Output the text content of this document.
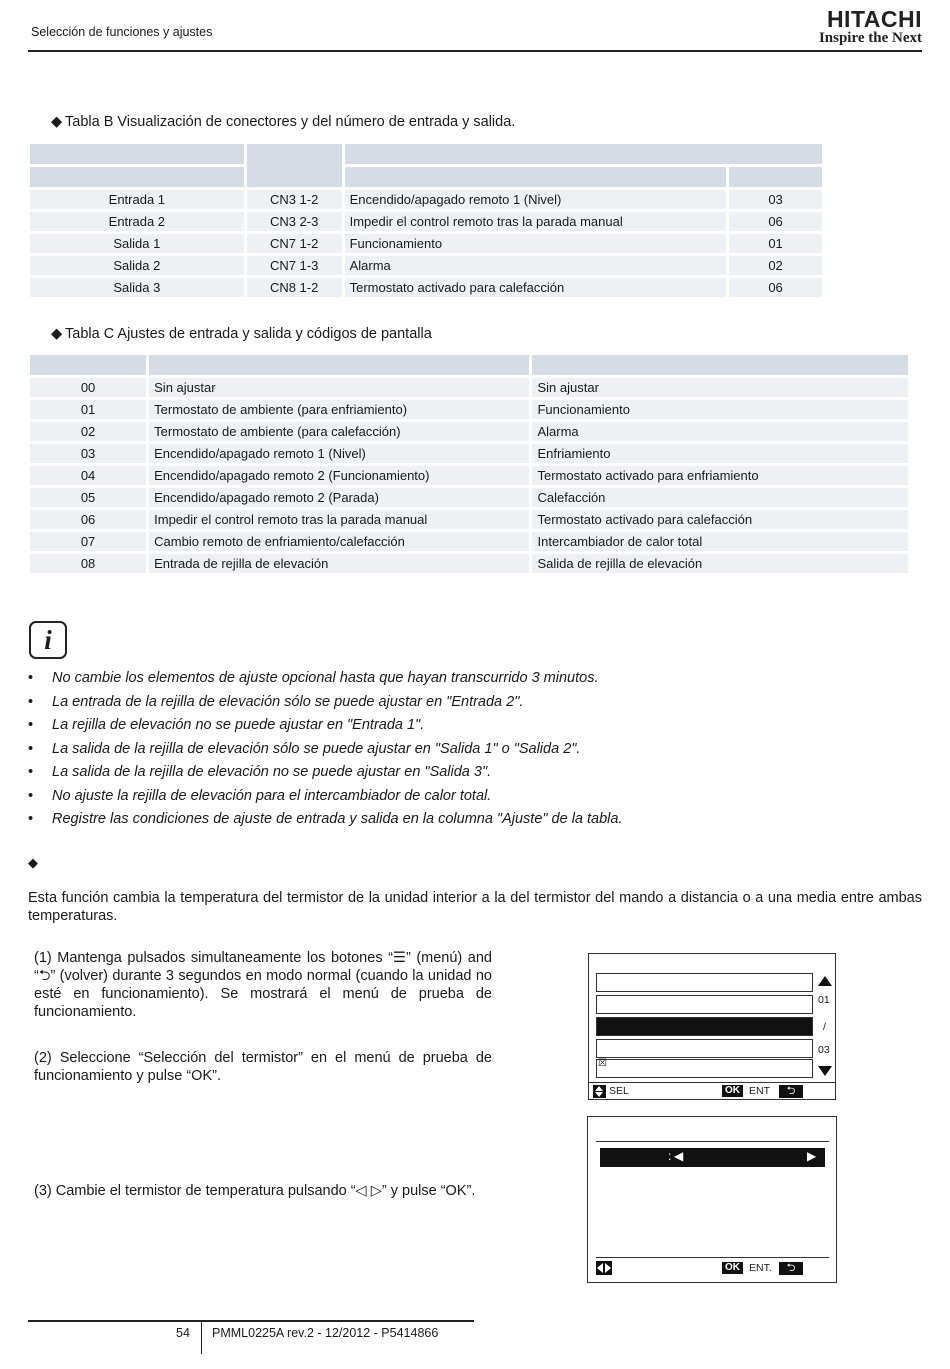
Selección de funciones y ajustes	HITACHI
Inspire the Next
◆ Tabla B Visualización de conectores y del número de entrada y salida.

Entrada 1	CN3 1-2	Encendido/apagado remoto 1 (Nivel)	03
Entrada 2	CN3 2-3	Impedir el control remoto tras la parada manual	06
Salida 1	CN7 1-2	Funcionamiento	01
Salida 2	CN7 1-3	Alarma	02
Salida 3	CN8 1-2	Termostato activado para calefacción	06
◆ Tabla C Ajustes de entrada y salida y códigos de pantalla

00	Sin ajustar	Sin ajustar
01	Termostato de ambiente (para enfriamiento)	Funcionamiento
02	Termostato de ambiente (para calefacción)	Alarma
03	Encendido/apagado remoto 1 (Nivel)	Enfriamiento
04	Encendido/apagado remoto 2 (Funcionamiento)	Termostato activado para enfriamiento
05	Encendido/apagado remoto 2 (Parada)	Calefacción
06	Impedir el control remoto tras la parada manual	Termostato activado para calefacción
07	Cambio remoto de enfriamiento/calefacción	Intercambiador de calor total
08	Entrada de rejilla de elevación	Salida de rejilla de elevación
i
• No cambie los elementos de ajuste opcional hasta que hayan transcurrido 3 minutos.
• La entrada de la rejilla de elevación sólo se puede ajustar en "Entrada 2".
• La rejilla de elevación no se puede ajustar en "Entrada 1".
• La salida de la rejilla de elevación sólo se puede ajustar en "Salida 1" o "Salida 2".
• La salida de la rejilla de elevación no se puede ajustar en "Salida 3".
• No ajuste la rejilla de elevación para el intercambiador de calor total.
• Registre las condiciones de ajuste de entrada y salida en la columna "Ajuste" de la tabla.
◆
Esta función cambia la temperatura del termistor de la unidad interior a la del termistor del mando a distancia o a una media entre ambas temperaturas.
(1) Mantenga pulsados simultaneamente los botones “☰” (menú) and “⮌” (volver) durante 3 segundos en modo normal (cuando la unidad no esté en funcionamiento). Se mostrará el menú de prueba de funcionamiento.
(2) Seleccione “Selección del termistor” en el menú de prueba de funcionamiento y pulse “OK”.
(3) Cambie el termistor de temperatura pulsando “◁ ▷” y pulse “OK”.
☒
01
/
03
SEL	OK ENT	⮌
: ◀	▶
OK ENT.	⮌
54 PMML0225A rev.2 - 12/2012 - P5414866
